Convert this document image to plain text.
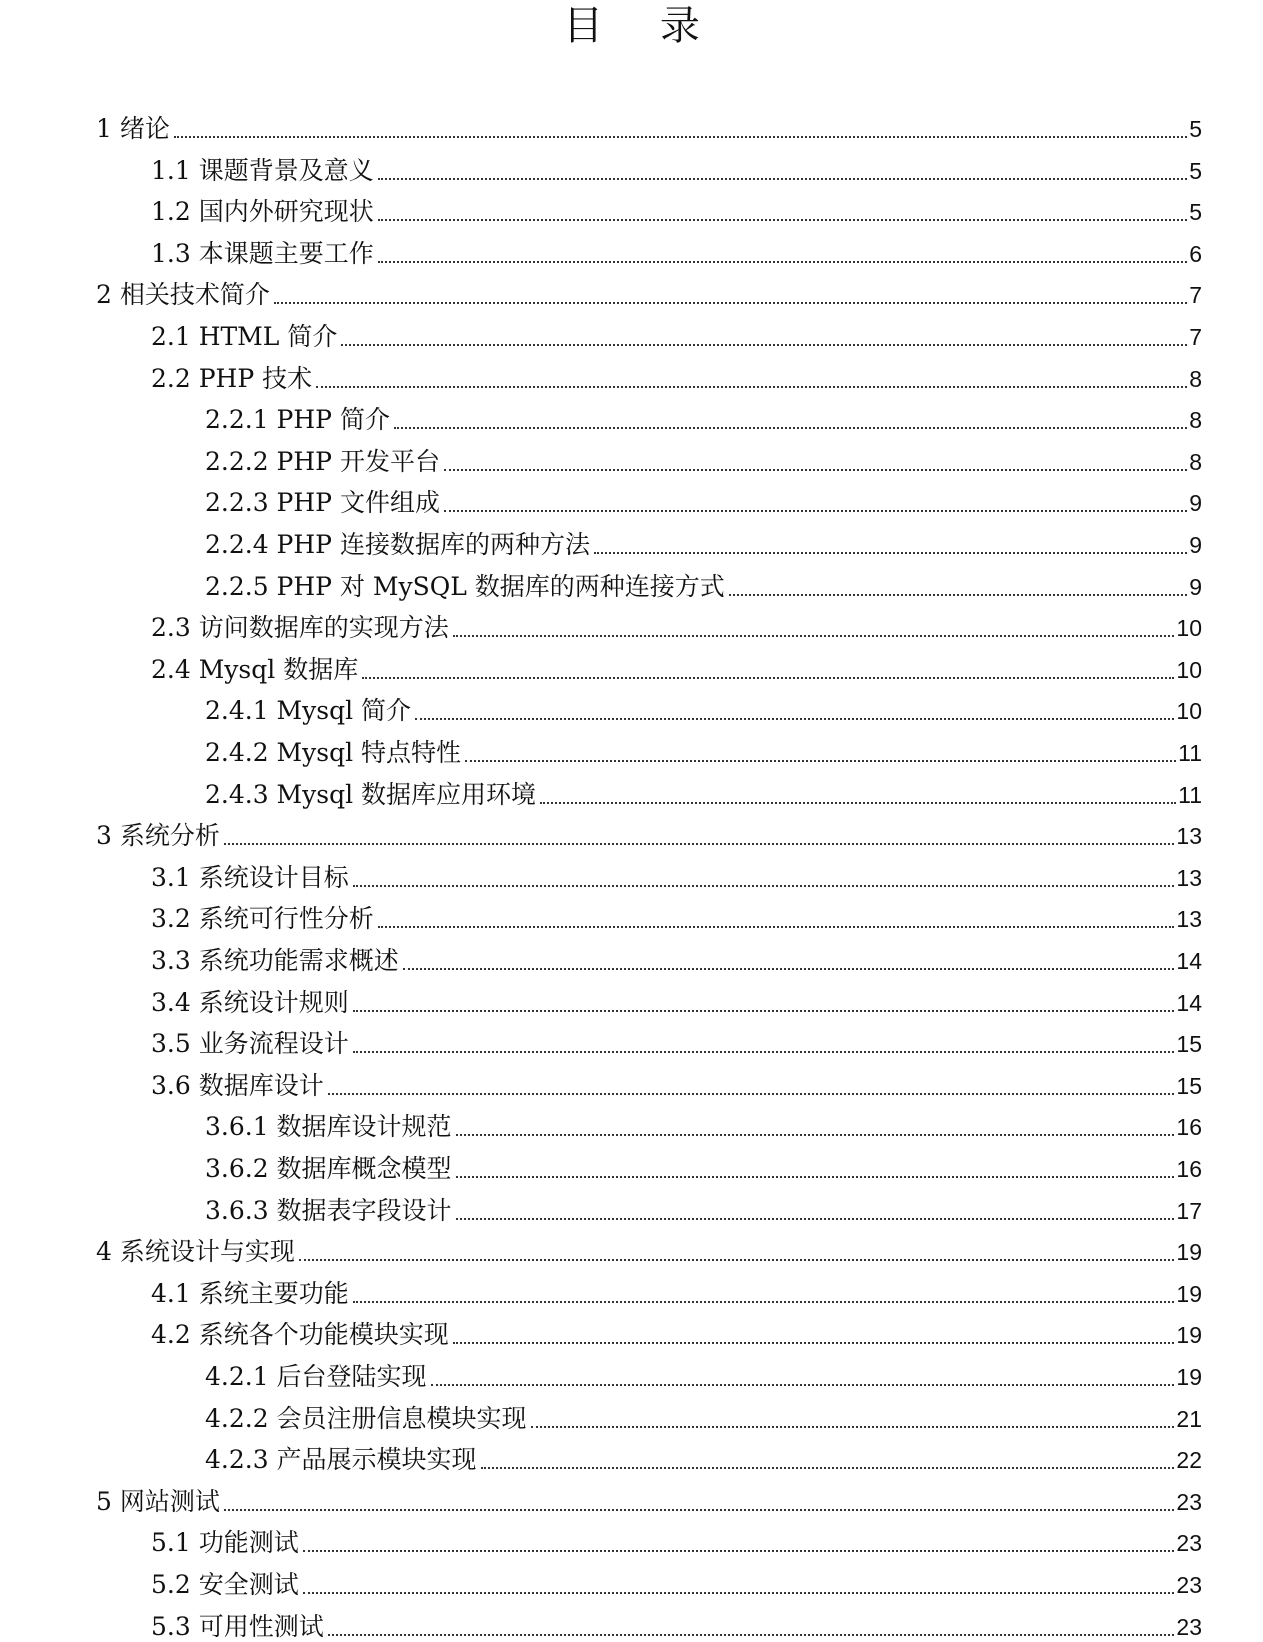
目 录
1 绪论	5
1.1 课题背景及意义	5
1.2 国内外研究现状	5
1.3 本课题主要工作	6
2 相关技术简介	7
2.1 HTML 简介	7
2.2 PHP 技术	8
2.2.1 PHP 简介	8
2.2.2 PHP 开发平台	8
2.2.3 PHP 文件组成	9
2.2.4 PHP 连接数据库的两种方法	9
2.2.5 PHP 对 MySQL 数据库的两种连接方式	9
2.3 访问数据库的实现方法	10
2.4 Mysql 数据库	10
2.4.1 Mysql 简介	10
2.4.2 Mysql 特点特性	11
2.4.3 Mysql 数据库应用环境	11
3 系统分析	13
3.1 系统设计目标	13
3.2 系统可行性分析	13
3.3 系统功能需求概述	14
3.4 系统设计规则	14
3.5 业务流程设计	15
3.6 数据库设计	15
3.6.1 数据库设计规范	16
3.6.2 数据库概念模型	16
3.6.3 数据表字段设计	17
4 系统设计与实现	19
4.1 系统主要功能	19
4.2 系统各个功能模块实现	19
4.2.1 后台登陆实现	19
4.2.2 会员注册信息模块实现	21
4.2.3 产品展示模块实现	22
5 网站测试	23
5.1 功能测试	23
5.2 安全测试	23
5.3 可用性测试	23
